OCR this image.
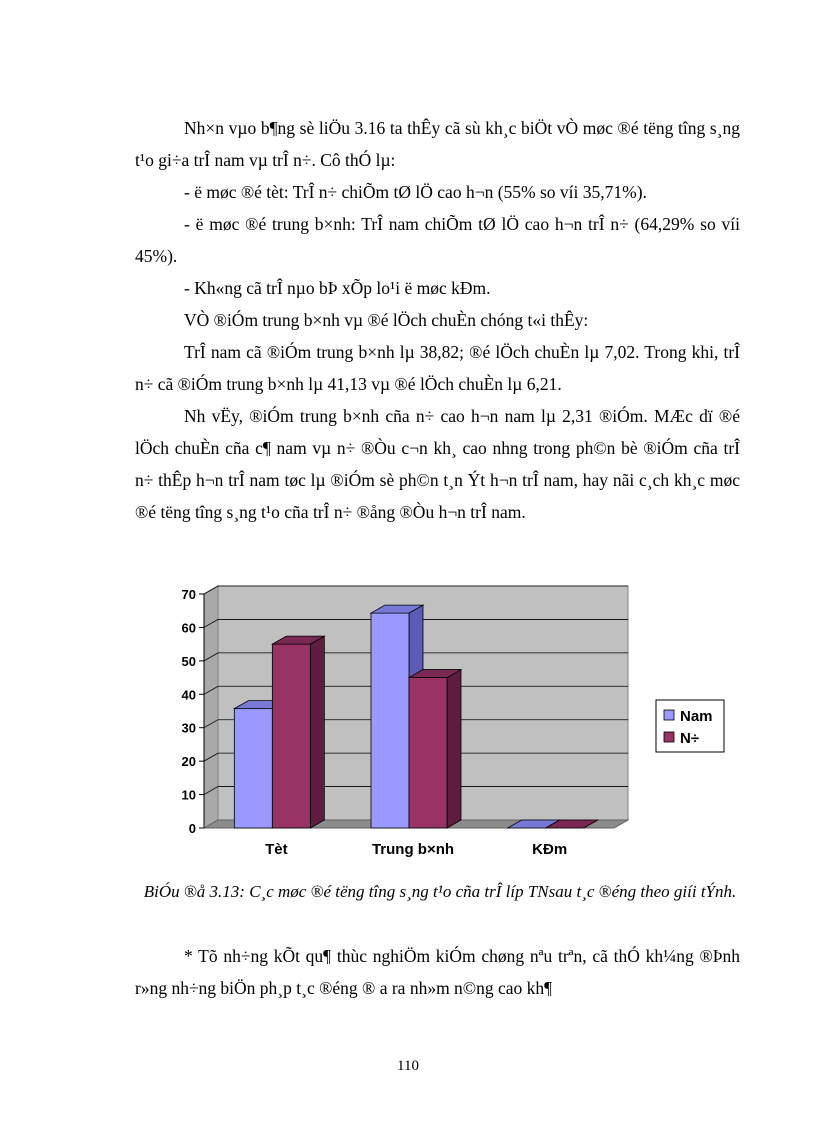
Nh×n vµo b¶ng sè liÖu 3.16 ta thÊy cã sù kh¸c biÖt vÒ møc ®é tëng tîng s¸ng t¹o gi÷a trÎ nam vµ trÎ n÷. Cô thÓ lµ:

- ë møc ®é tèt: TrÎ n÷ chiÕm tØ lÖ cao h¬n (55% so víi 35,71%).

- ë møc ®é trung b×nh: TrÎ nam chiÕm tØ lÖ cao h¬n trÎ n÷ (64,29% so víi 45%).

- Kh«ng cã trÎ nµo bÞ xÕp lo¹i ë møc kÐm.

VÒ ®iÓm trung b×nh vµ ®é lÖch chuÈn chóng t«i thÊy:

TrÎ nam cã ®iÓm trung b×nh lµ 38,82; ®é lÖch chuÈn lµ 7,02. Trong khi, trÎ n÷ cã ®iÓm trung b×nh lµ 41,13 vµ ®é lÖch chuÈn lµ 6,21.

Nh vËy, ®iÓm trung b×nh cña n÷ cao h¬n nam lµ 2,31 ®iÓm. MÆc dï ®é lÖch chuÈn cña c¶ nam vµ n÷ ®Òu c¬n kh¸ cao nhng trong ph©n bè ®iÓm cña trÎ n÷ thÊp h¬n trÎ nam tøc lµ ®iÓm sè ph©n t¸n Ýt h¬n trÎ nam, hay nãi c¸ch kh¸c møc ®é tëng tîng s¸ng t¹o cña trÎ n÷ ®ång ®Òu h¬n trÎ nam.

0
10
20
30
40
50
60
70
Tèt	Trung b×nh	KÐm
Nam
N÷

BiÓu ®å 3.13: C¸c møc ®é tëng tîng s¸ng t¹o cña trÎ líp TNsau t¸c ®éng theo giíi tÝnh.

* Tõ nh÷ng kÕt qu¶ thùc nghiÖm kiÓm chøng nªu trªn, cã thÓ kh¼ng ®Þnh r»ng nh÷ng biÖn ph¸p t¸c ®éng ® a ra nh»m n©ng cao kh¶

110
